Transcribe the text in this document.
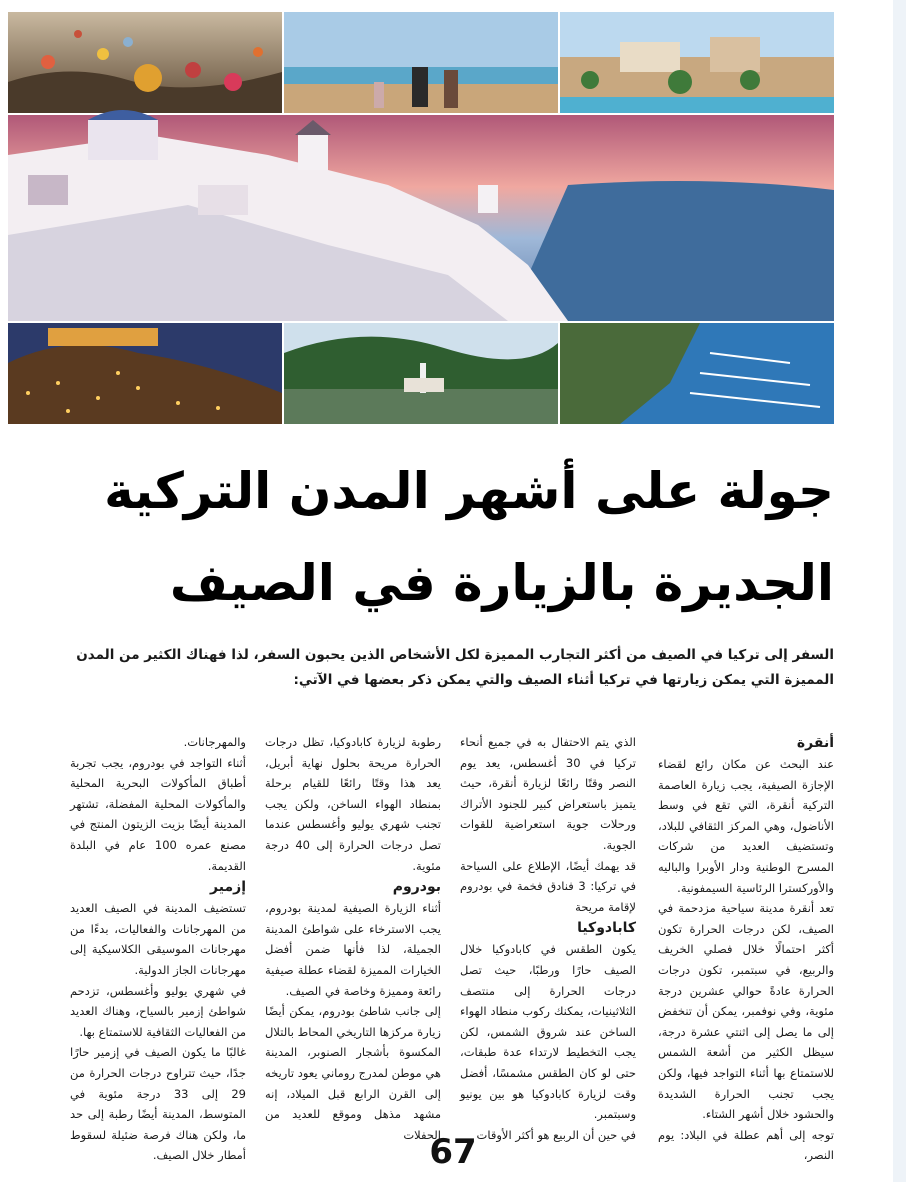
جولة على أشهر المدن التركية
الجديرة بالزيارة في الصيف

السفر إلى تركيا في الصيف من أكثر التجارب المميزة لكل الأشخاص الذين يحبون السفر، لذا فهناك الكثير من المدن المميزة التي يمكن زيارتها في تركيا أثناء الصيف والتي يمكن ذكر بعضها في الآتي:

أنقرة

عند البحث عن مكان رائع لقضاء الإجازة الصيفية، يجب زيارة العاصمة التركية أنقرة، التي تقع في وسط الأناضول، وهي المركز الثقافي للبلاد، وتستضيف العديد من شركات المسرح الوطنية ودار الأوبرا والباليه والأوركسترا الرئاسية السيمفونية.

تعد أنقرة مدينة سياحية مزدحمة في الصيف، لكن درجات الحرارة تكون أكثر احتمالًا خلال فصلي الخريف والربيع، في سبتمبر، تكون درجات الحرارة عادةً حوالي عشرين درجة مئوية، وفي نوفمبر، يمكن أن تنخفض إلى ما يصل إلى اثنتي عشرة درجة، سيظل الكثير من أشعة الشمس للاستمتاع بها أثناء التواجد فيها، ولكن يجب تجنب الحرارة الشديدة والحشود خلال أشهر الشتاء.

توجه إلى أهم عطلة في البلاد: يوم النصر،

الذي يتم الاحتفال به في جميع أنحاء تركيا في 30 أغسطس، يعد يوم النصر وقتًا رائعًا لزيارة أنقرة، حيث يتميز باستعراض كبير للجنود الأتراك ورحلات جوية استعراضية للقوات الجوية.

قد يهمك أيضًا، الإطلاع على السياحة في تركيا: 3 فنادق فخمة في بودروم لإقامة مريحة

كابادوكيا

يكون الطقس في كابادوكيا خلال الصيف حارًا ورطبًا، حيث تصل درجات الحرارة إلى منتصف الثلاثينيات، يمكنك ركوب منطاد الهواء الساخن عند شروق الشمس، لكن يجب التخطيط لارتداء عدة طبقات، حتى لو كان الطقس مشمسًا، أفضل وقت لزيارة كابادوكيا هو بين يونيو وسبتمبر.

في حين أن الربيع هو أكثر الأوقات

رطوبة لزيارة كابادوكيا، تظل درجات الحرارة مريحة بحلول نهاية أبريل، يعد هذا وقتًا رائعًا للقيام برحلة بمنطاد الهواء الساخن، ولكن يجب تجنب شهري يوليو وأغسطس عندما تصل درجات الحرارة إلى 40 درجة مئوية.

بودروم

أثناء الزيارة الصيفية لمدينة بودروم، يجب الاسترخاء على شواطئ المدينة الجميلة، لذا فأنها ضمن أفضل الخيارات المميزة لقضاء عطلة صيفية رائعة ومميزة وخاصة في الصيف.

إلى جانب شاطئ بودروم، يمكن أيضًا زيارة مركزها التاريخي المحاط بالتلال المكسوة بأشجار الصنوبر، المدينة هي موطن لمدرج روماني يعود تاريخه إلى القرن الرابع قبل الميلاد، إنه مشهد مذهل وموقع للعديد من الحفلات

والمهرجانات.

أثناء التواجد في بودروم، يجب تجربة أطباق المأكولات البحرية المحلية والمأكولات المحلية المفضلة، تشتهر المدينة أيضًا بزيت الزيتون المنتج في مصنع عمره 100 عام في البلدة القديمة.

إزمير

تستضيف المدينة في الصيف العديد من المهرجانات والفعاليات، بدءًا من مهرجانات الموسيقى الكلاسيكية إلى مهرجانات الجاز الدولية.

في شهري يوليو وأغسطس، تزدحم شواطئ إزمير بالسياح، وهناك العديد من الفعاليات الثقافية للاستمتاع بها.

غالبًا ما يكون الصيف في إزمير حارًا جدًا، حيث تتراوح درجات الحرارة من 29 إلى 33 درجة مئوية في المتوسط، المدينة أيضًا رطبة إلى حد ما، ولكن هناك فرصة ضئيلة لسقوط أمطار خلال الصيف.	67
